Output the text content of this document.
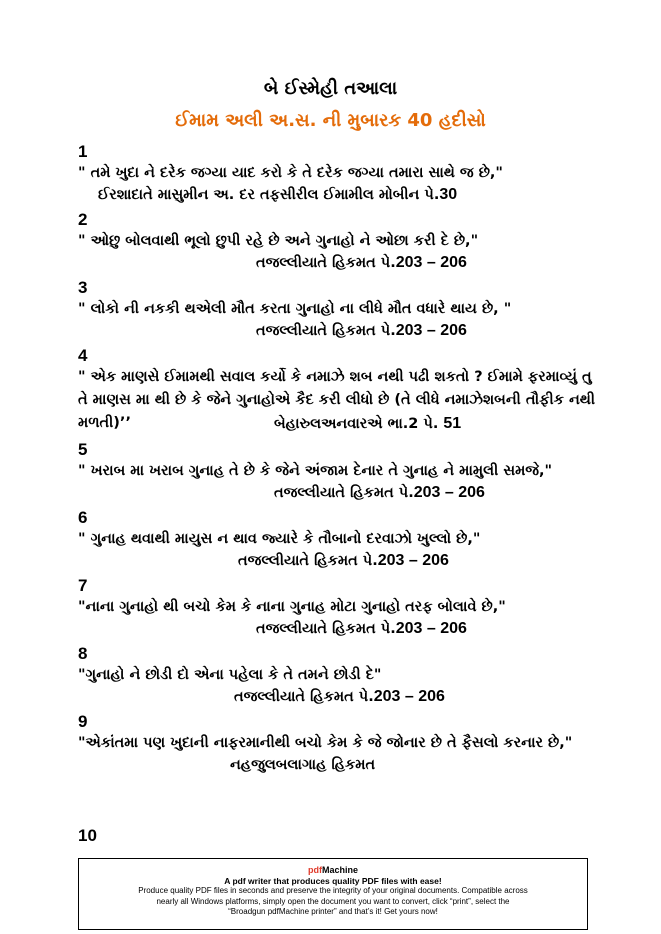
બે ઈસ્મેહી તઆલા
ઈમામ અલી અ.સ. ની મુબારક 40 હદીસો
1
" તમે ખુદા ને દરેક જગ્યા યાદ કરો કે તે દરેક જગ્યા તમારા સાથે જ છે,"
ઈરશાદાતે માસુમીન અ. દર તફસીરીલ ઈમામીલ મોબીન પે.30
2
" ઓછુ બોલવાથી ભૂલો છુપી રહે છે અને ગુનાહો ને ઓછા કરી દે છે,"
તજલ્લીયાતે હિકમત પે.203 – 206
3
" લોકો ની નકકી થએલી મૌત કરતા ગુનાહો ના લીધે મૌત વધારે થાય છે, "
તજલ્લીયાતે હિકમત પે.203 – 206
4
" એક માણસે ઈમામથી સવાલ કર્યો કે નમાઝે શબ નથી પઢી શકતો ? ઈમામે ફરમાવ્યું તુ તે માણસ મા થી છે કે જેને ગુનાહોએ કૈદ કરી લીધો છે (તે લીધે નમાઝેશબની તૌફીક નથી મળતી)’’	બેહારુલઅનવારએ ભા.2 પે. 51
5
" ખરાબ મા ખરાબ ગુનાહ તે છે કે જેને અંજામ દેનાર તે ગુનાહ ને મામુલી સમજે,"
તજલ્લીયાતે હિકમત પે.203 – 206
6
" ગુનાહ થવાથી માયુસ ન થાવ જ્યારે કે તૌબાનો દરવાઝો ખુલ્લો છે,"
તજલ્લીયાતે હિકમત પે.203 – 206
7
"નાના ગુનાહો થી બચો કેમ કે નાના ગુનાહ મોટા ગુનાહો તરફ બોલાવે છે,"
તજલ્લીયાતે હિકમત પે.203 – 206
8
"ગુનાહો ને છોડી દો એના પહેલા કે તે તમને છોડી દે"
તજલ્લીયાતે હિકમત પે.203 – 206
9
"એકાંતમા પણ ખુદાની નાફરમાનીથી બચો કેમ કે જે જોનાર છે તે ફૈસલો કરનાર છે,"
નહજુલબલાગાહ હિકમત
10
pdfMachine
A pdf writer that produces quality PDF files with ease!
Produce quality PDF files in seconds and preserve the integrity of your original documents. Compatible across
nearly all Windows platforms, simply open the document you want to convert, click “print”, select the
“Broadgun pdfMachine printer” and that’s it! Get yours now!
